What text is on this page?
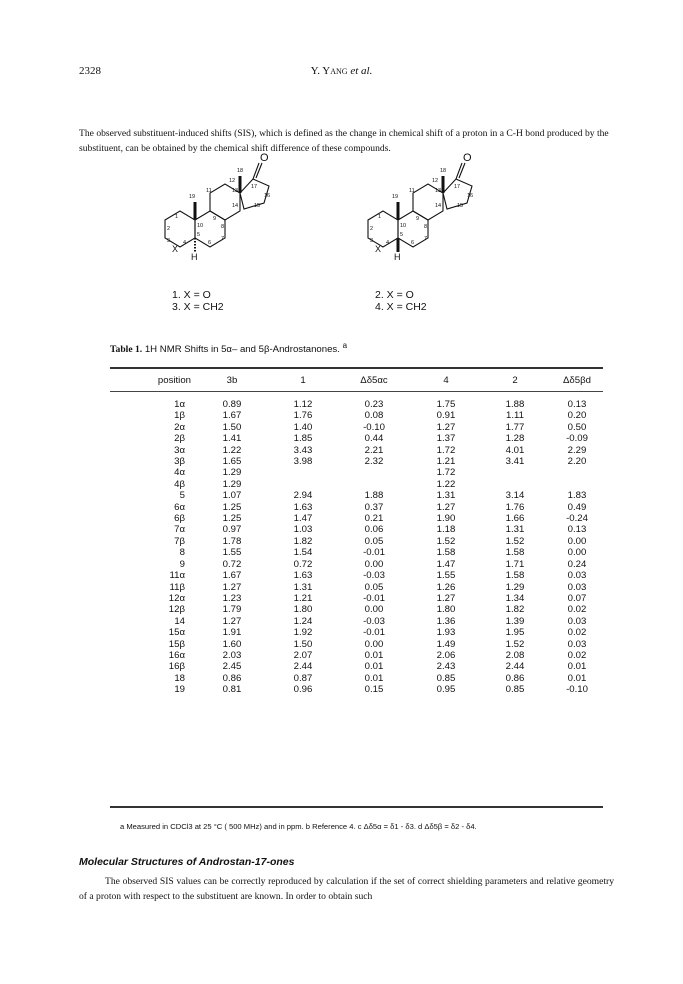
2328	Y. Yang et al.
The observed substituent-induced shifts (SIS), which is defined as the change in chemical shift of a proton in a C-H bond produced by the substituent, can be obtained by the chemical shift difference of these compounds.
O
H
X
18
12
13
17
19
11
16
14	15
9
1
10	8
2
3 4
5
7
6
O
H
X
18
12
13
17
19
11
16
14	15
9
1
10	8
2
3 4
5
7
6
1. X = O
3. X = CH2
2. X = O
4. X = CH2
Table 1. 1H NMR Shifts in 5α– and 5β-Androstanones. $^a$
position	3b	1	Δδ5αc	4	2	Δδ5βd
1α	0.89	1.12	0.23	1.75	1.88	0.13
1β	1.67	1.76	0.08	0.91	1.11	0.20
2α	1.50	1.40	-0.10	1.27	1.77	0.50
2β	1.41	1.85	0.44	1.37	1.28	-0.09
3α	1.22	3.43	2.21	1.72	4.01	2.29
3β	1.65	3.98	2.32	1.21	3.41	2.20
4α	1.29			1.72		
4β	1.29			1.22		
5	1.07	2.94	1.88	1.31	3.14	1.83
6α	1.25	1.63	0.37	1.27	1.76	0.49
6β	1.25	1.47	0.21	1.90	1.66	-0.24
7α	0.97	1.03	0.06	1.18	1.31	0.13
7β	1.78	1.82	0.05	1.52	1.52	0.00
8	1.55	1.54	-0.01	1.58	1.58	0.00
9	0.72	0.72	0.00	1.47	1.71	0.24
11α	1.67	1.63	-0.03	1.55	1.58	0.03
11β	1.27	1.31	0.05	1.26	1.29	0.03
12α	1.23	1.21	-0.01	1.27	1.34	0.07
12β	1.79	1.80	0.00	1.80	1.82	0.02
14	1.27	1.24	-0.03	1.36	1.39	0.03
15α	1.91	1.92	-0.01	1.93	1.95	0.02
15β	1.60	1.50	0.00	1.49	1.52	0.03
16α	2.03	2.07	0.01	2.06	2.08	0.02
16β	2.45	2.44	0.01	2.43	2.44	0.01
18	0.86	0.87	0.01	0.85	0.86	0.01
19	0.81	0.96	0.15	0.95	0.85	-0.10
a Measured in CDCl3 at 25 °C ( 500 MHz) and in ppm. b Reference 4. c Δδ5α = δ1 - δ3. d Δδ5β = δ2 - δ4.
Molecular Structures of Androstan-17-ones
The observed SIS values can be correctly reproduced by calculation if the set of correct shielding parameters and relative geometry of a proton with respect to the substituent are known. In order to obtain such
